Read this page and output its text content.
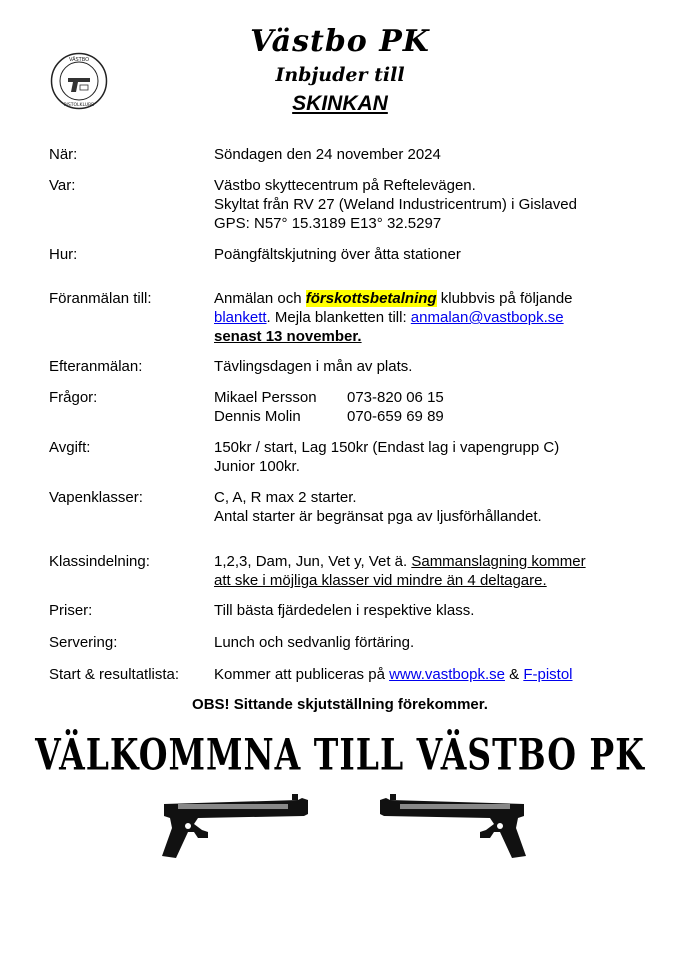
VÄSTBO
PISTOLKLUBB
Västbo PK
Inbjuder till
SKINKAN
När:	Söndagen den 24 november 2024
Var:	Västbo skyttecentrum på Reftelevägen.
Skyltat från RV 27 (Weland Industricentrum) i Gislaved
GPS: N57° 15.3189 E13° 32.5297
Hur:	Poängfältskjutning över åtta stationer
Föranmälan till:	Anmälan och förskottsbetalning klubbvis på följande
blankett. Mejla blanketten till: anmalan@vastbopk.se
senast 13 november.
Efteranmälan:	Tävlingsdagen i mån av plats.
Frågor:	Mikael Persson 073-820 06 15
Dennis Molin	070-659 69 89
Avgift:	150kr / start, Lag 150kr (Endast lag i vapengrupp C)
Junior 100kr.
Vapenklasser:	C, A, R max 2 starter.
Antal starter är begränsat pga av ljusförhållandet.
Klassindelning:	1,2,3, Dam, Jun, Vet y, Vet ä. Sammanslagning kommer
att ske i möjliga klasser vid mindre än 4 deltagare.
Priser:	Till bästa fjärdedelen i respektive klass.
Servering:	Lunch och sedvanlig förtäring.
Start & resultatlista: Kommer att publiceras på www.vastbopk.se & F-pistol
OBS! Sittande skjutställning förekommer.
VÄLKOMMNA TILL VÄSTBO PK
